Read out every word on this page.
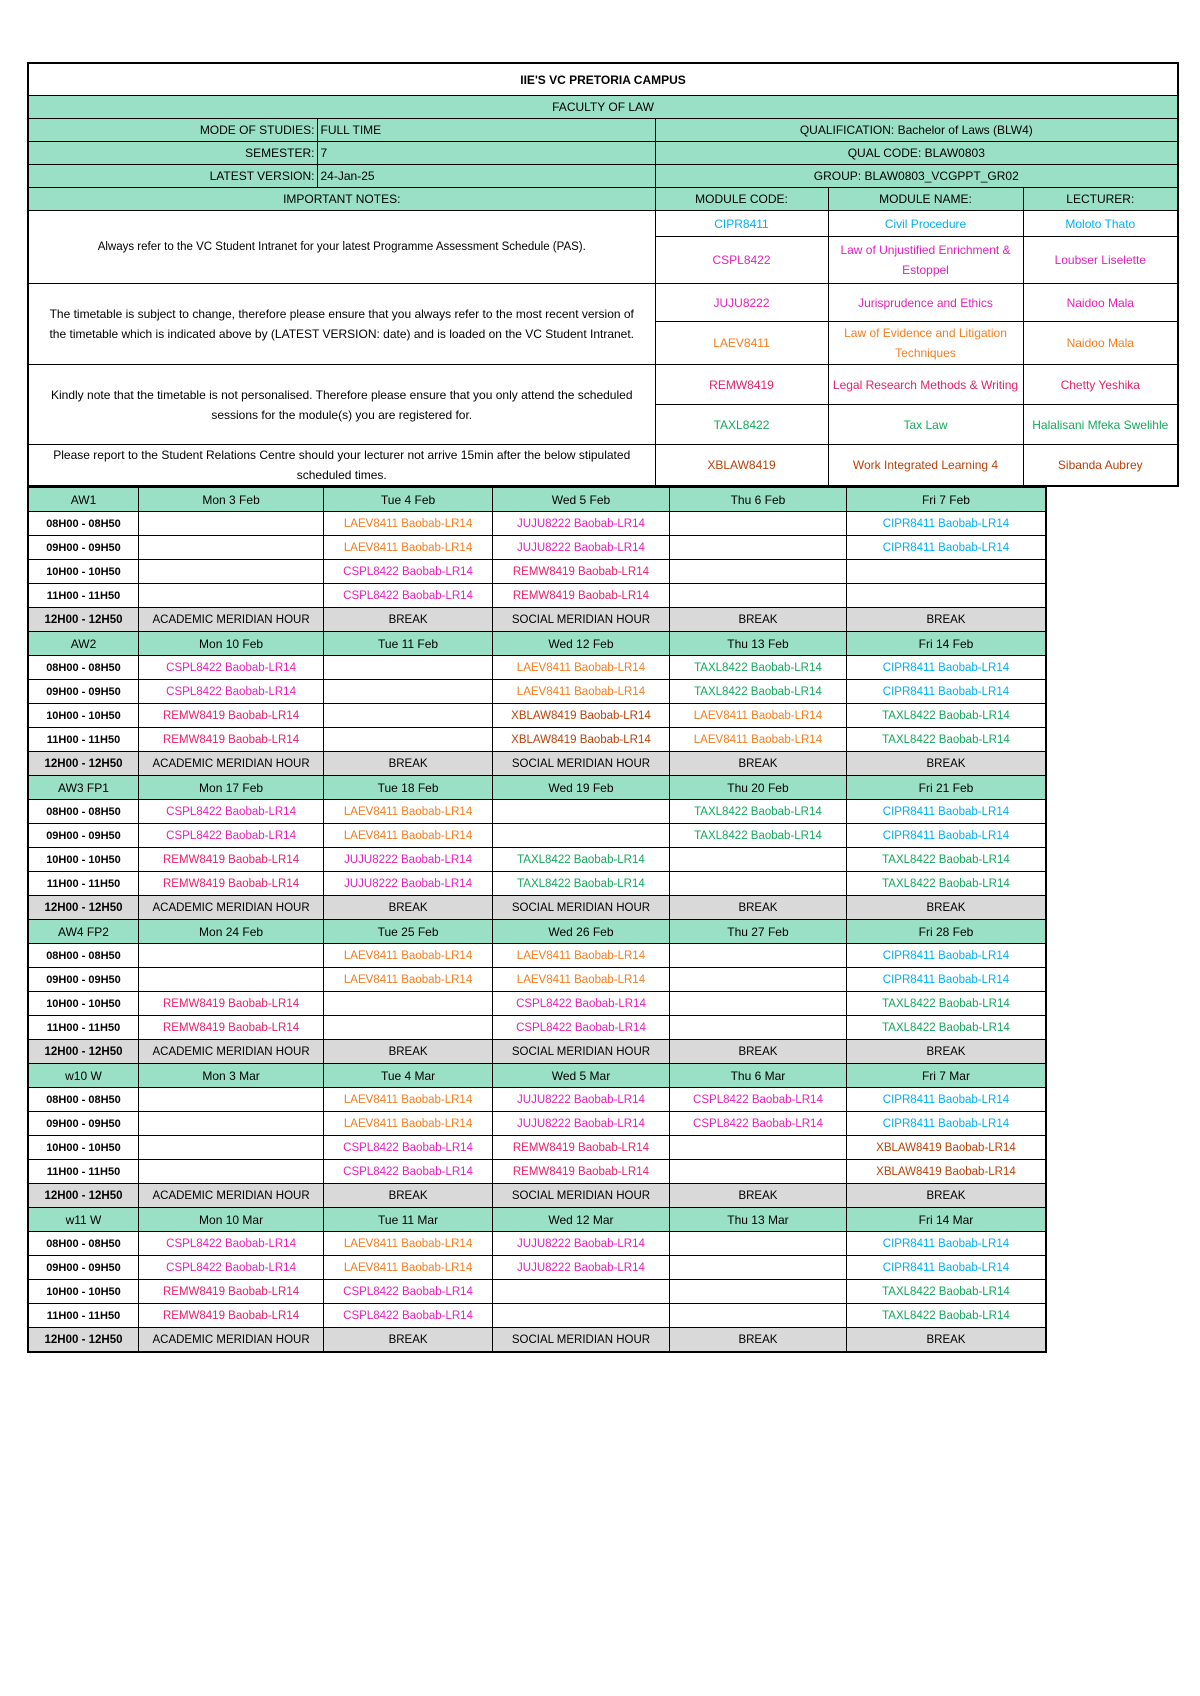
IIE'S VC PRETORIA CAMPUS				
FACULTY OF LAW				
MODE OF STUDIES:	FULL TIME	QUALIFICATION: Bachelor of Laws (BLW4)		
SEMESTER:	7	QUAL CODE: BLAW0803		
LATEST VERSION:	24-Jan-25	GROUP: BLAW0803_VCGPPT_GR02		
IMPORTANT NOTES:		MODULE CODE:	MODULE NAME:	LECTURER:
Always refer to the VC Student Intranet for your latest Programme Assessment Schedule (PAS).		CIPR8411	Civil Procedure	Moloto Thato
		CSPL8422	Law of Unjustified Enrichment & Estoppel	Loubser Liselette
The timetable is subject to change, therefore please ensure that you always refer to the most recent version of the timetable which is indicated above by (LATEST VERSION: date) and is loaded on the VC Student Intranet.		JUJU8222	Jurisprudence and Ethics	Naidoo Mala
		LAEV8411	Law of Evidence and Litigation Techniques	Naidoo Mala
Kindly note that the timetable is not personalised. Therefore please ensure that you only attend the scheduled sessions for the module(s) you are registered for.		REMW8419	Legal Research Methods & Writing	Chetty Yeshika
		TAXL8422	Tax Law	Halalisani Mfeka Swelihle
Please report to the Student Relations Centre should your lecturer not arrive 15min after the below stipulated scheduled times.		XBLAW8419	Work Integrated Learning 4	Sibanda Aubrey
AW1	Mon 3 Feb	Tue 4 Feb	Wed 5 Feb	Thu 6 Feb	Fri 7 Feb
08H00 - 08H50		LAEV8411 Baobab-LR14	JUJU8222 Baobab-LR14		CIPR8411 Baobab-LR14
09H00 - 09H50		LAEV8411 Baobab-LR14	JUJU8222 Baobab-LR14		CIPR8411 Baobab-LR14
10H00 - 10H50		CSPL8422 Baobab-LR14	REMW8419 Baobab-LR14		
11H00 - 11H50		CSPL8422 Baobab-LR14	REMW8419 Baobab-LR14		
12H00 - 12H50	ACADEMIC MERIDIAN HOUR	BREAK	SOCIAL MERIDIAN HOUR	BREAK	BREAK
AW2	Mon 10 Feb	Tue 11 Feb	Wed 12 Feb	Thu 13 Feb	Fri 14 Feb
08H00 - 08H50	CSPL8422 Baobab-LR14		LAEV8411 Baobab-LR14	TAXL8422 Baobab-LR14	CIPR8411 Baobab-LR14
09H00 - 09H50	CSPL8422 Baobab-LR14		LAEV8411 Baobab-LR14	TAXL8422 Baobab-LR14	CIPR8411 Baobab-LR14
10H00 - 10H50	REMW8419 Baobab-LR14		XBLAW8419 Baobab-LR14	LAEV8411 Baobab-LR14	TAXL8422 Baobab-LR14
11H00 - 11H50	REMW8419 Baobab-LR14		XBLAW8419 Baobab-LR14	LAEV8411 Baobab-LR14	TAXL8422 Baobab-LR14
12H00 - 12H50	ACADEMIC MERIDIAN HOUR	BREAK	SOCIAL MERIDIAN HOUR	BREAK	BREAK
AW3 FP1	Mon 17 Feb	Tue 18 Feb	Wed 19 Feb	Thu 20 Feb	Fri 21 Feb
08H00 - 08H50	CSPL8422 Baobab-LR14	LAEV8411 Baobab-LR14		TAXL8422 Baobab-LR14	CIPR8411 Baobab-LR14
09H00 - 09H50	CSPL8422 Baobab-LR14	LAEV8411 Baobab-LR14		TAXL8422 Baobab-LR14	CIPR8411 Baobab-LR14
10H00 - 10H50	REMW8419 Baobab-LR14	JUJU8222 Baobab-LR14	TAXL8422 Baobab-LR14		TAXL8422 Baobab-LR14
11H00 - 11H50	REMW8419 Baobab-LR14	JUJU8222 Baobab-LR14	TAXL8422 Baobab-LR14		TAXL8422 Baobab-LR14
12H00 - 12H50	ACADEMIC MERIDIAN HOUR	BREAK	SOCIAL MERIDIAN HOUR	BREAK	BREAK
AW4 FP2	Mon 24 Feb	Tue 25 Feb	Wed 26 Feb	Thu 27 Feb	Fri 28 Feb
08H00 - 08H50		LAEV8411 Baobab-LR14	LAEV8411 Baobab-LR14		CIPR8411 Baobab-LR14
09H00 - 09H50		LAEV8411 Baobab-LR14	LAEV8411 Baobab-LR14		CIPR8411 Baobab-LR14
10H00 - 10H50	REMW8419 Baobab-LR14		CSPL8422 Baobab-LR14		TAXL8422 Baobab-LR14
11H00 - 11H50	REMW8419 Baobab-LR14		CSPL8422 Baobab-LR14		TAXL8422 Baobab-LR14
12H00 - 12H50	ACADEMIC MERIDIAN HOUR	BREAK	SOCIAL MERIDIAN HOUR	BREAK	BREAK
w10 W	Mon 3 Mar	Tue 4 Mar	Wed 5 Mar	Thu 6 Mar	Fri 7 Mar
08H00 - 08H50		LAEV8411 Baobab-LR14	JUJU8222 Baobab-LR14	CSPL8422 Baobab-LR14	CIPR8411 Baobab-LR14
09H00 - 09H50		LAEV8411 Baobab-LR14	JUJU8222 Baobab-LR14	CSPL8422 Baobab-LR14	CIPR8411 Baobab-LR14
10H00 - 10H50		CSPL8422 Baobab-LR14	REMW8419 Baobab-LR14		XBLAW8419 Baobab-LR14
11H00 - 11H50		CSPL8422 Baobab-LR14	REMW8419 Baobab-LR14		XBLAW8419 Baobab-LR14
12H00 - 12H50	ACADEMIC MERIDIAN HOUR	BREAK	SOCIAL MERIDIAN HOUR	BREAK	BREAK
w11 W	Mon 10 Mar	Tue 11 Mar	Wed 12 Mar	Thu 13 Mar	Fri 14 Mar
08H00 - 08H50	CSPL8422 Baobab-LR14	LAEV8411 Baobab-LR14	JUJU8222 Baobab-LR14		CIPR8411 Baobab-LR14
09H00 - 09H50	CSPL8422 Baobab-LR14	LAEV8411 Baobab-LR14	JUJU8222 Baobab-LR14		CIPR8411 Baobab-LR14
10H00 - 10H50	REMW8419 Baobab-LR14	CSPL8422 Baobab-LR14			TAXL8422 Baobab-LR14
11H00 - 11H50	REMW8419 Baobab-LR14	CSPL8422 Baobab-LR14			TAXL8422 Baobab-LR14
12H00 - 12H50	ACADEMIC MERIDIAN HOUR	BREAK	SOCIAL MERIDIAN HOUR	BREAK	BREAK
